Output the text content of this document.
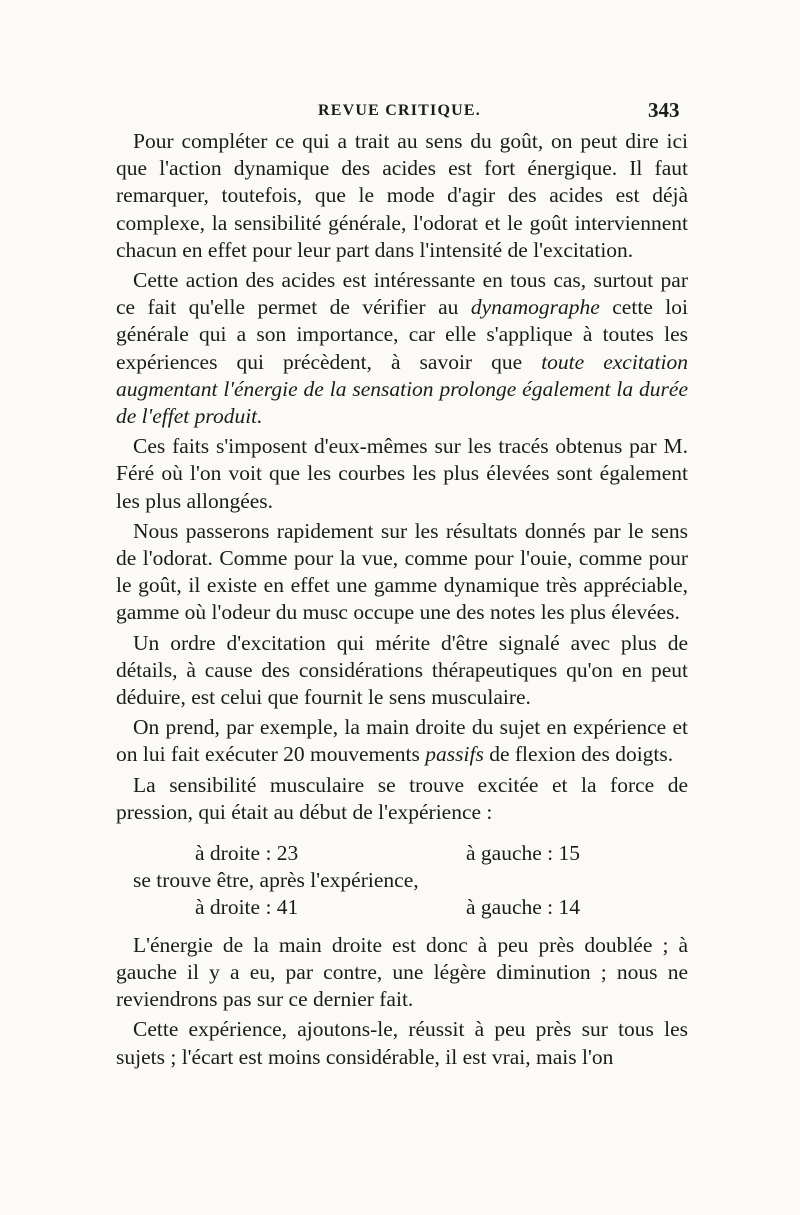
REVUE CRITIQUE.	343

Pour compléter ce qui a trait au sens du goût, on peut dire ici que l'action dynamique des acides est fort énergique. Il faut remarquer, toutefois, que le mode d'agir des acides est déjà complexe, la sensibilité générale, l'odorat et le goût interviennent chacun en effet pour leur part dans l'intensité de l'excitation.

Cette action des acides est intéressante en tous cas, surtout par ce fait qu'elle permet de vérifier au dynamographe cette loi générale qui a son importance, car elle s'applique à toutes les expériences qui précèdent, à savoir que toute excitation augmentant l'énergie de la sensation prolonge également la durée de l'effet produit.

Ces faits s'imposent d'eux-mêmes sur les tracés obtenus par M. Féré où l'on voit que les courbes les plus élevées sont également les plus allongées.

Nous passerons rapidement sur les résultats donnés par le sens de l'odorat. Comme pour la vue, comme pour l'ouie, comme pour le goût, il existe en effet une gamme dynamique très appréciable, gamme où l'odeur du musc occupe une des notes les plus élevées.

Un ordre d'excitation qui mérite d'être signalé avec plus de détails, à cause des considérations thérapeutiques qu'on en peut déduire, est celui que fournit le sens musculaire.

On prend, par exemple, la main droite du sujet en expérience et on lui fait exécuter 20 mouvements passifs de flexion des doigts.

La sensibilité musculaire se trouve excitée et la force de pression, qui était au début de l'expérience :

à droite : 23	à gauche : 15

se trouve être, après l'expérience,

à droite : 41	à gauche : 14

L'énergie de la main droite est donc à peu près doublée ; à gauche il y a eu, par contre, une légère diminution ; nous ne reviendrons pas sur ce dernier fait.

Cette expérience, ajoutons-le, réussit à peu près sur tous les sujets ; l'écart est moins considérable, il est vrai, mais l'on
